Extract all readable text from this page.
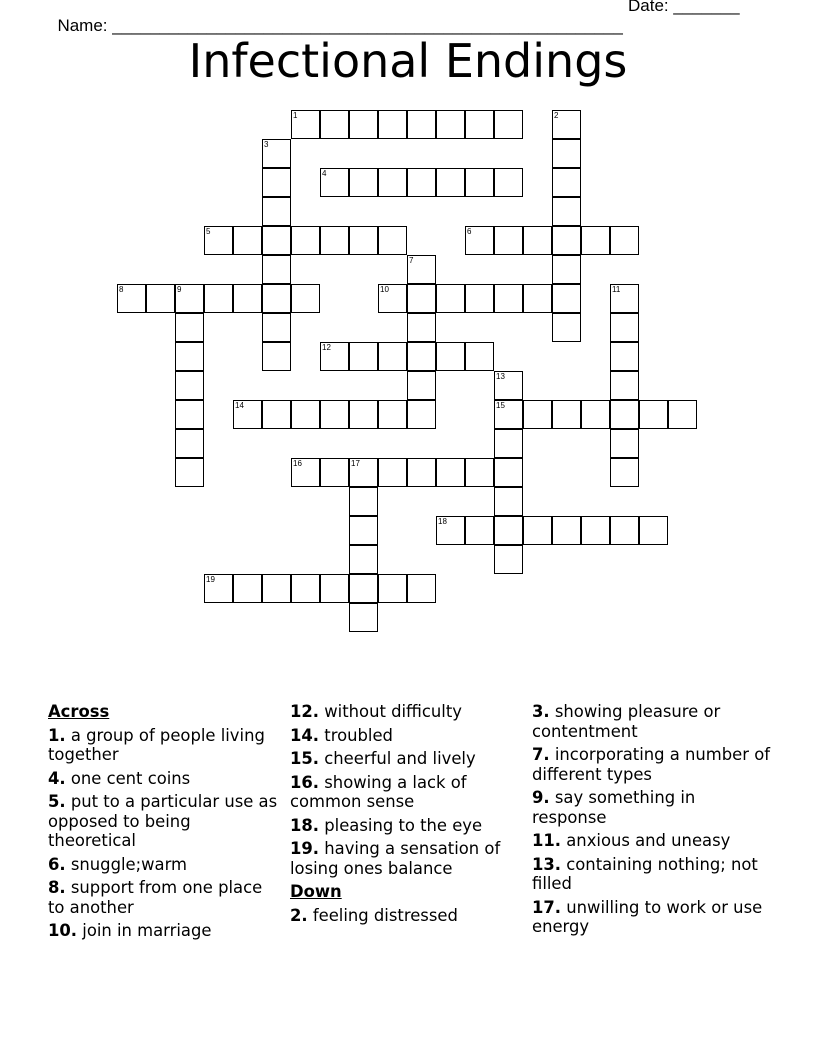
Name: ______________________________________________________

Date: _______

Infectional Endings
1	2
3
4
5	6
7
8	9	10	11
12
13
15
14
16	17
18
19
Across
1. a group of people living together
4. one cent coins
5. put to a particular use as opposed to being theoretical
6. snuggle;warm
8. support from one place to another
10. join in marriage
12. without difficulty
14. troubled
15. cheerful and lively
16. showing a lack of common sense
18. pleasing to the eye
19. having a sensation of losing ones balance
Down
2. feeling distressed
3. showing pleasure or contentment
7. incorporating a number of different types
9. say something in response
11. anxious and uneasy
13. containing nothing; not filled
17. unwilling to work or use energy
